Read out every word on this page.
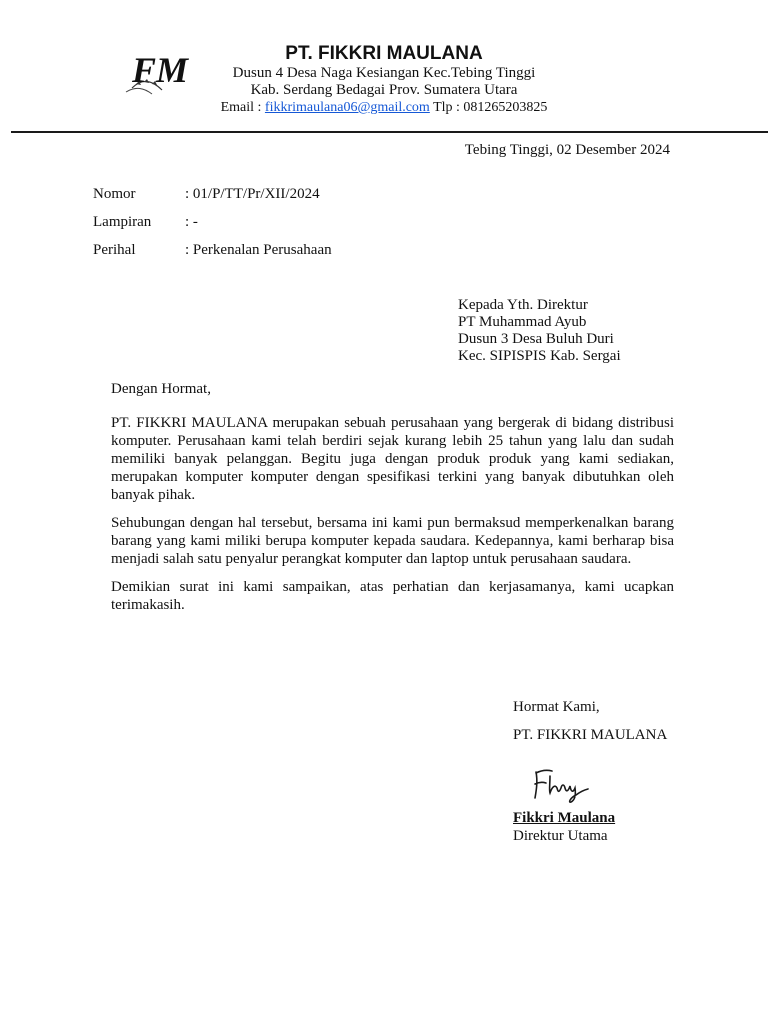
FM	PT. FIKKRI MAULANA
Dusun 4 Desa Naga Kesiangan Kec.Tebing Tinggi
Kab. Serdang Bedagai Prov. Sumatera Utara
Email : fikkrimaulana06@gmail.com Tlp : 081265203825
Tebing Tinggi, 02 Desember 2024
Nomor	: 01/P/TT/Pr/XII/2024
Lampiran : -
Perihal	: Perkenalan Perusahaan
Kepada Yth. Direktur
PT Muhammad Ayub
Dusun 3 Desa Buluh Duri
Kec. SIPISPIS Kab. Sergai
Dengan Hormat,

PT. FIKKRI MAULANA merupakan sebuah perusahaan yang bergerak di bidang distribusi komputer. Perusahaan kami telah berdiri sejak kurang lebih 25 tahun yang lalu dan sudah memiliki banyak pelanggan. Begitu juga dengan produk produk yang kami sediakan, merupakan komputer komputer dengan spesifikasi terkini yang banyak dibutuhkan oleh banyak pihak.

Sehubungan dengan hal tersebut, bersama ini kami pun bermaksud memperkenalkan barang barang yang kami miliki berupa komputer kepada saudara. Kedepannya, kami berharap bisa menjadi salah satu penyalur perangkat komputer dan laptop untuk perusahaan saudara.

Demikian surat ini kami sampaikan, atas perhatian dan kerjasamanya, kami ucapkan terimakasih.

Hormat Kami,
PT. FIKKRI MAULANA
Fikkri Maulana
Direktur Utama
